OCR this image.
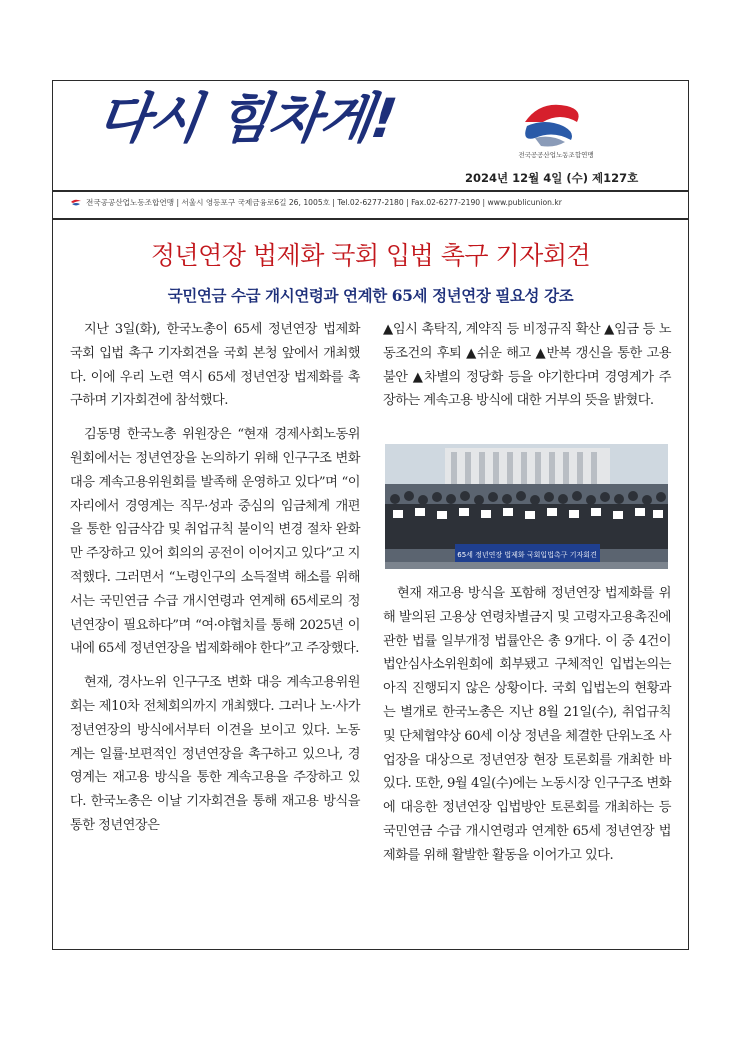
다시 힘차게!
전국공공산업노동조합연맹
2024년 12월 4일 (수) 제127호
전국공공산업노동조합연맹 | 서울시 영등포구 국제금융로6길 26, 1005호 | Tel.02-6277-2180 | Fax.02-6277-2190 | www.publicunion.kr
정년연장 법제화 국회 입법 촉구 기자회견
국민연금 수급 개시연령과 연계한 65세 정년연장 필요성 강조

지난 3일(화), 한국노총이 65세 정년연장 법제화 국회 입법 촉구 기자회견을 국회 본청 앞에서 개최했다. 이에 우리 노련 역시 65세 정년연장 법제화를 촉구하며 기자회견에 참석했다.

김동명 한국노총 위원장은 “현재 경제사회노동위원회에서는 정년연장을 논의하기 위해 인구구조 변화 대응 계속고용위원회를 발족해 운영하고 있다”며 “이 자리에서 경영계는 직무·성과 중심의 임금체계 개편을 통한 임금삭감 및 취업규칙 불이익 변경 절차 완화만 주장하고 있어 회의의 공전이 이어지고 있다”고 지적했다. 그러면서 “노령인구의 소득절벽 해소를 위해서는 국민연금 수급 개시연령과 연계해 65세로의 정년연장이 필요하다”며 “여·야협치를 통해 2025년 이내에 65세 정년연장을 법제화해야 한다”고 주장했다.

현재, 경사노위 인구구조 변화 대응 계속고용위원회는 제10차 전체회의까지 개최했다. 그러나 노·사가 정년연장의 방식에서부터 이견을 보이고 있다. 노동계는 일률·보편적인 정년연장을 촉구하고 있으나, 경영계는 재고용 방식을 통한 계속고용을 주장하고 있다. 한국노총은 이날 기자회견을 통해 재고용 방식을 통한 정년연장은

▲임시 촉탁직, 계약직 등 비정규직 확산 ▲임금 등 노동조건의 후퇴 ▲쉬운 해고 ▲반복 갱신을 통한 고용불안 ▲차별의 정당화 등을 야기한다며 경영계가 주장하는 계속고용 방식에 대한 거부의 뜻을 밝혔다.

65세 정년연장 법제화 국회입법촉구 기자회견

현재 재고용 방식을 포함해 정년연장 법제화를 위해 발의된 고용상 연령차별금지 및 고령자고용촉진에 관한 법률 일부개정 법률안은 총 9개다. 이 중 4건이 법안심사소위원회에 회부됐고 구체적인 입법논의는 아직 진행되지 않은 상황이다. 국회 입법논의 현황과는 별개로 한국노총은 지난 8월 21일(수), 취업규칙 및 단체협약상 60세 이상 정년을 체결한 단위노조 사업장을 대상으로 정년연장 현장 토론회를 개최한 바 있다. 또한, 9월 4일(수)에는 노동시장 인구구조 변화에 대응한 정년연장 입법방안 토론회를 개최하는 등 국민연금 수급 개시연령과 연계한 65세 정년연장 법제화를 위해 활발한 활동을 이어가고 있다.
